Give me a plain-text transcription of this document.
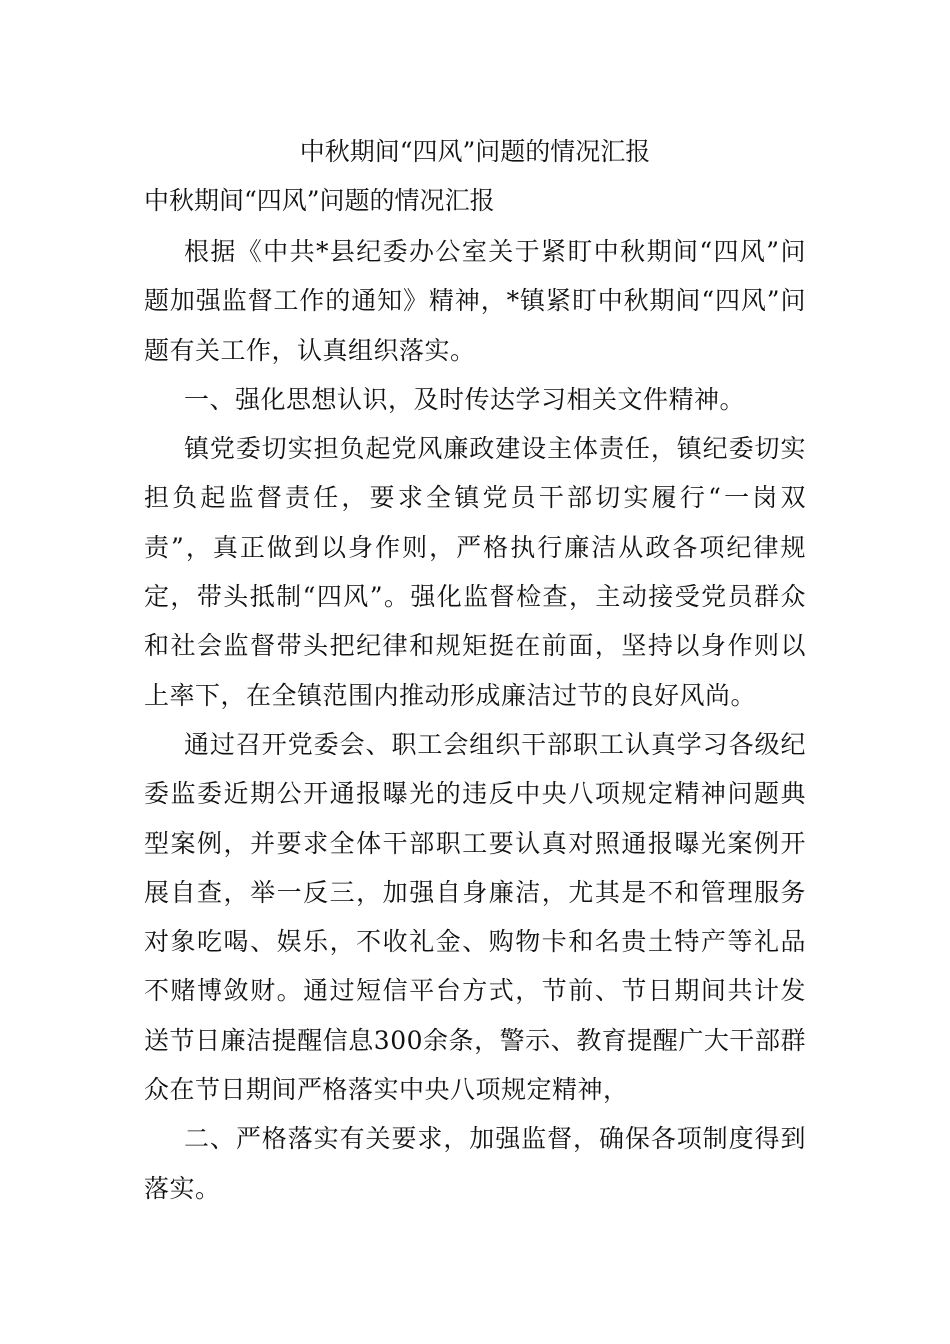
中秋期间“四风”问题的情况汇报
中秋期间“四风”问题的情况汇报

根据《中共*县纪委办公室关于紧盯中秋期间“四风”问题加强监督工作的通知》精神，*镇紧盯中秋期间“四风”问题有关工作，认真组织落实。

一、强化思想认识，及时传达学习相关文件精神。

镇党委切实担负起党风廉政建设主体责任，镇纪委切实担负起监督责任，要求全镇党员干部切实履行“一岗双责”，真正做到以身作则，严格执行廉洁从政各项纪律规定，带头抵制“四风”。强化监督检查，主动接受党员群众和社会监督带头把纪律和规矩挺在前面，坚持以身作则以上率下，在全镇范围内推动形成廉洁过节的良好风尚。

通过召开党委会、职工会组织干部职工认真学习各级纪委监委近期公开通报曝光的违反中央八项规定精神问题典型案例，并要求全体干部职工要认真对照通报曝光案例开展自查，举一反三，加强自身廉洁，尤其是不和管理服务对象吃喝、娱乐，不收礼金、购物卡和名贵土特产等礼品不赌博敛财。通过短信平台方式，节前、节日期间共计发送节日廉洁提醒信息300余条，警示、教育提醒广大干部群众在节日期间严格落实中央八项规定精神，

二、严格落实有关要求，加强监督，确保各项制度得到落实。
